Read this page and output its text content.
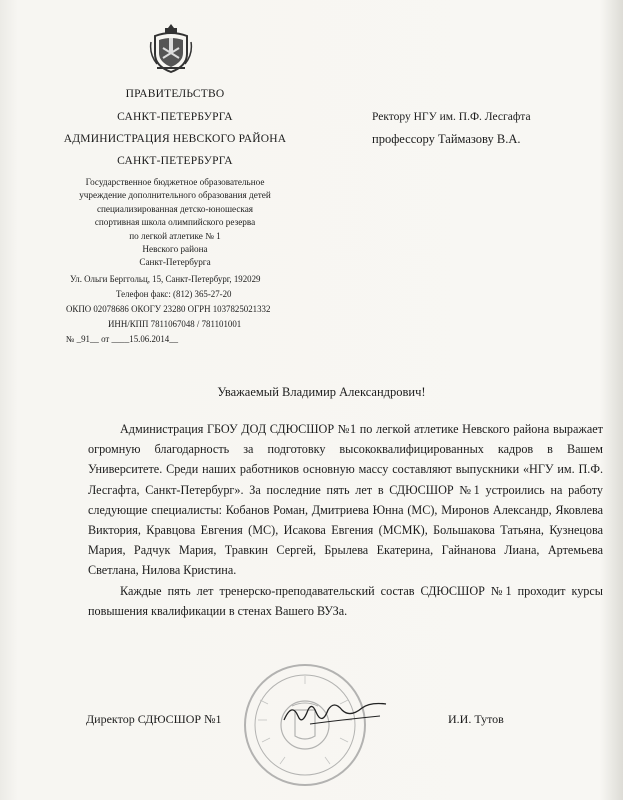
ПРАВИТЕЛЬСТВО
САНКТ-ПЕТЕРБУРГА
АДМИНИСТРАЦИЯ НЕВСКОГО РАЙОНА
САНКТ-ПЕТЕРБУРГА
Государственное бюджетное образовательное
учреждение дополнительного образования детей
специализированная детско-юношеская
спортивная школа олимпийского резерва
по легкой атлетике № 1
Невского района
Санкт-Петербурга
Ул. Ольги Берггольц, 15, Санкт-Петербург, 192029
Телефон факс: (812) 365-27-20
ОКПО 02078686 ОКОГУ 23280 ОГРН 1037825021332
ИНН/КПП 7811067048 / 781101001
№ _91__ от ____15.06.2014__
Ректору НГУ им. П.Ф. Лесгафта
профессору Таймазову В.А.
Уважаемый Владимир Александрович!

Администрация ГБОУ ДОД СДЮСШОР №1 по легкой атлетике Невского района выражает огромную благодарность за подготовку высококвалифицированных кадров в Вашем Университете. Среди наших работников основную массу составляют выпускники «НГУ им. П.Ф. Лесгафта, Санкт-Петербург». За последние пять лет в СДЮСШОР №1 устроились на работу следующие специалисты: Кобанов Роман, Дмитриева Юнна (МС), Миронов Александр, Яковлева Виктория, Кравцова Евгения (МС), Исакова Евгения (МСМК), Большакова Татьяна, Кузнецова Мария, Радчук Мария, Травкин Сергей, Брылева Екатерина, Гайнанова Лиана, Артемьева Светлана, Нилова Кристина.

Каждые пять лет тренерско-преподавательский состав СДЮСШОР №1 проходит курсы повышения квалификации в стенах Вашего ВУЗа.

Директор СДЮСШОР №1	И.И. Тутов
